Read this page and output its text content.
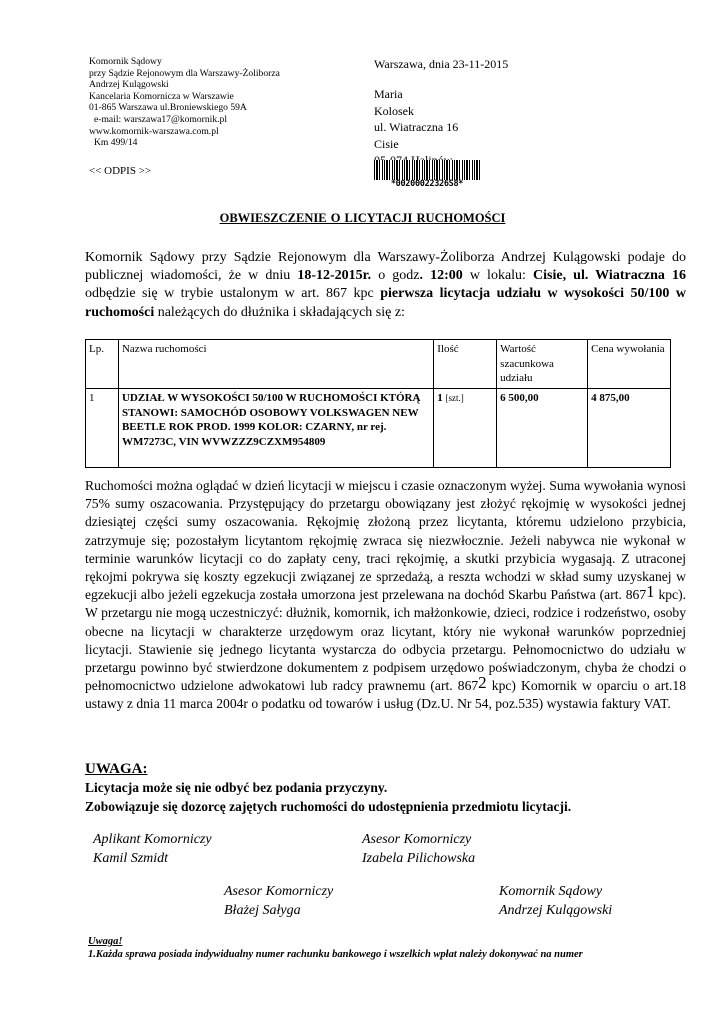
Komornik Sądowy
przy Sądzie Rejonowym dla Warszawy-Żoliborza
Andrzej Kulągowski
Kancelaria Komornicza w Warszawie
01-865 Warszawa ul.Broniewskiego 59A
e-mail: warszawa17@komornik.pl
www.komornik-warszawa.com.pl
Km 499/14
<< ODPIS >>
Warszawa, dnia 23-11-2015
Maria
Kolosek
ul. Wiatraczna 16
Cisie
*00200022326S8*
OBWIESZCZENIE O LICYTACJI RUCHOMOŚCI
Komornik Sądowy przy Sądzie Rejonowym dla Warszawy-Żoliborza Andrzej Kulągowski podaje do publicznej wiadomości, że w dniu 18-12-2015r. o godz. 12:00 w lokalu: Cisie, ul. Wiatraczna 16 odbędzie się w trybie ustalonym w art. 867 kpc pierwsza licytacja udziału w wysokości 50/100 w ruchomości należących do dłużnika i składających się z:
Lp.	Nazwa ruchomości	Ilość	Wartość szacunkowa udziału	Cena wywołania
1	UDZIAŁ W WYSOKOŚCI 50/100 W RUCHOMOŚCI KTÓRĄ STANOWI: SAMOCHÓD OSOBOWY VOLKSWAGEN NEW BEETLE ROK PROD. 1999 KOLOR: CZARNY, nr rej. WM7273C, VIN WVWZZZ9CZXM954809	1 [szt.]	6 500,00	4 875,00
Ruchomości można oglądać w dzień licytacji w miejscu i czasie oznaczonym wyżej. Suma wywołania wynosi 75% sumy oszacowania. Przystępujący do przetargu obowiązany jest złożyć rękojmię w wysokości jednej dziesiątej części sumy oszacowania. Rękojmię złożoną przez licytanta, któremu udzielono przybicia, zatrzymuje się; pozostałym licytantom rękojmię zwraca się niezwłocznie. Jeżeli nabywca nie wykonał w terminie warunków licytacji co do zapłaty ceny, traci rękojmię, a skutki przybicia wygasają. Z utraconej rękojmi pokrywa się koszty egzekucji związanej ze sprzedażą, a reszta wchodzi w skład sumy uzyskanej w egzekucji albo jeżeli egzekucja została umorzona jest przelewana na dochód Skarbu Państwa (art. $867^1$ kpc). W przetargu nie mogą uczestniczyć: dłużnik, komornik, ich małżonkowie, dzieci, rodzice i rodzeństwo, osoby obecne na licytacji w charakterze urzędowym oraz licytant, który nie wykonał warunków poprzedniej licytacji. Stawienie się jednego licytanta wystarcza do odbycia przetargu. Pełnomocnictwo do udziału w przetargu powinno być stwierdzone dokumentem z podpisem urzędowo poświadczonym, chyba że chodzi o pełnomocnictwo udzielone adwokatowi lub radcy prawnemu (art. $867^2$ kpc) Komornik w oparciu o art.18 ustawy z dnia 11 marca 2004r o podatku od towarów i usług (Dz.U. Nr 54, poz.535) wystawia faktury VAT.
UWAGA:
Licytacja może się nie odbyć bez podania przyczyny.
Zobowiązuje się dozorcę zajętych ruchomości do udostępnienia przedmiotu licytacji.
Aplikant Komorniczy
Kamil Szmidt
Asesor Komorniczy
Izabela Pilichowska
Asesor Komorniczy
Błażej Sałyga
Komornik Sądowy
Andrzej Kulągowski
Uwaga!
1.Każda sprawa posiada indywidualny numer rachunku bankowego i wszelkich wpłat należy dokonywać na numer
